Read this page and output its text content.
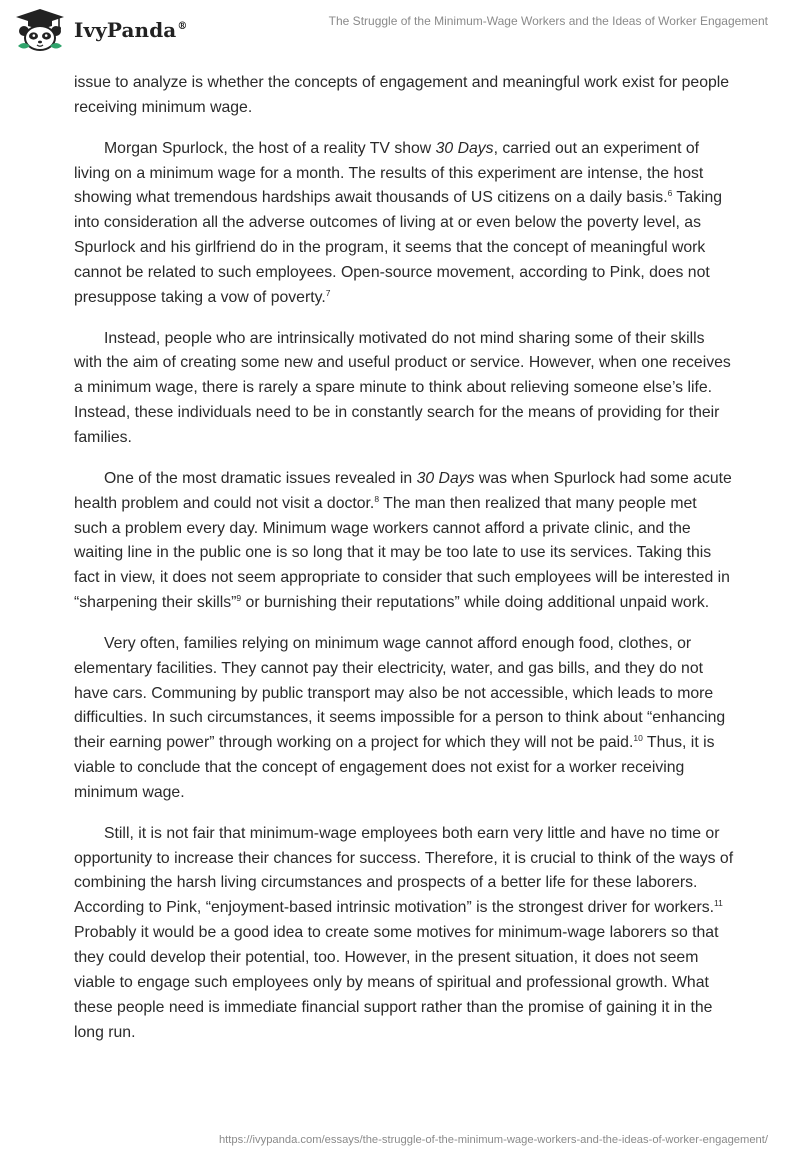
IvyPanda®	The Struggle of the Minimum-Wage Workers and the Ideas of Worker Engagement

issue to analyze is whether the concepts of engagement and meaningful work exist for people receiving minimum wage.

Morgan Spurlock, the host of a reality TV show 30 Days, carried out an experiment of living on a minimum wage for a month. The results of this experiment are intense, the host showing what tremendous hardships await thousands of US citizens on a daily basis.$^6$ Taking into consideration all the adverse outcomes of living at or even below the poverty level, as Spurlock and his girlfriend do in the program, it seems that the concept of meaningful work cannot be related to such employees. Open-source movement, according to Pink, does not presuppose taking a vow of poverty.$^7$

Instead, people who are intrinsically motivated do not mind sharing some of their skills with the aim of creating some new and useful product or service. However, when one receives a minimum wage, there is rarely a spare minute to think about relieving someone else’s life. Instead, these individuals need to be in constantly search for the means of providing for their families.

One of the most dramatic issues revealed in 30 Days was when Spurlock had some acute health problem and could not visit a doctor.$^8$ The man then realized that many people met such a problem every day. Minimum wage workers cannot afford a private clinic, and the waiting line in the public one is so long that it may be too late to use its services. Taking this fact in view, it does not seem appropriate to consider that such employees will be interested in “sharpening their skills”$^9$ or burnishing their reputations” while doing additional unpaid work.

Very often, families relying on minimum wage cannot afford enough food, clothes, or elementary facilities. They cannot pay their electricity, water, and gas bills, and they do not have cars. Communing by public transport may also be not accessible, which leads to more difficulties. In such circumstances, it seems impossible for a person to think about “enhancing their earning power” through working on a project for which they will not be paid.$^{10}$ Thus, it is viable to conclude that the concept of engagement does not exist for a worker receiving minimum wage.

Still, it is not fair that minimum-wage employees both earn very little and have no time or opportunity to increase their chances for success. Therefore, it is crucial to think of the ways of combining the harsh living circumstances and prospects of a better life for these laborers. According to Pink, “enjoyment-based intrinsic motivation” is the strongest driver for workers.$^{11}$ Probably it would be a good idea to create some motives for minimum-wage laborers so that they could develop their potential, too. However, in the present situation, it does not seem viable to engage such employees only by means of spiritual and professional growth. What these people need is immediate financial support rather than the promise of gaining it in the long run.

https://ivypanda.com/essays/the-struggle-of-the-minimum-wage-workers-and-the-ideas-of-worker-engagement/
